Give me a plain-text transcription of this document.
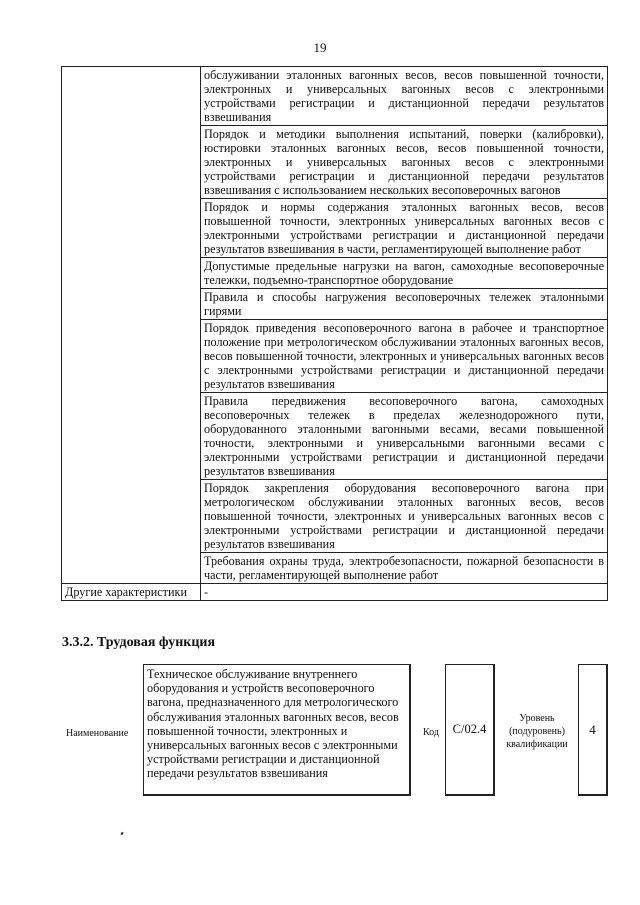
19
	обслуживании эталонных вагонных весов, весов повышенной точности, электронных и универсальных вагонных весов с электронными устройствами регистрации и дистанционной передачи результатов взвешивания
	Порядок и методики выполнения испытаний, поверки (калибровки), юстировки эталонных вагонных весов, весов повышенной точности, электронных и универсальных вагонных весов с электронными устройствами регистрации и дистанционной передачи результатов взвешивания с использованием нескольких весоповерочных вагонов
	Порядок и нормы содержания эталонных вагонных весов, весов повышенной точности, электронных универсальных вагонных весов с электронными устройствами регистрации и дистанционной передачи результатов взвешивания в части, регламентирующей выполнение работ
	Допустимые предельные нагрузки на вагон, самоходные весоповерочные тележки, подъемно-транспортное оборудование
	Правила и способы нагружения весоповерочных тележек эталонными гирями
	Порядок приведения весоповерочного вагона в рабочее и транспортное положение при метрологическом обслуживании эталонных вагонных весов, весов повышенной точности, электронных и универсальных вагонных весов с электронными устройствами регистрации и дистанционной передачи результатов взвешивания
	Правила передвижения весоповерочного вагона, самоходных весоповерочных тележек в пределах железнодорожного пути, оборудованного эталонными вагонными весами, весами повышенной точности, электронными и универсальными вагонными весами с электронными устройствами регистрации и дистанционной передачи результатов взвешивания
	Порядок закрепления оборудования весоповерочного вагона при метрологическом обслуживании эталонных вагонных весов, весов повышенной точности, электронных и универсальных вагонных весов с электронными устройствами регистрации и дистанционной передачи результатов взвешивания
	Требования охраны труда, электробезопасности, пожарной безопасности в части, регламентирующей выполнение работ
Другие характеристики	-
3.3.2. Трудовая функция
Наименование
Техническое обслуживание внутреннего оборудования и устройств весоповерочного вагона, предназначенного для метрологического обслуживания эталонных вагонных весов, весов повышенной точности, электронных и универсальных вагонных весов с электронными устройствами регистрации и дистанционной передачи результатов взвешивания
Код C/02.4
Уровень (подуровень) квалификации
4
